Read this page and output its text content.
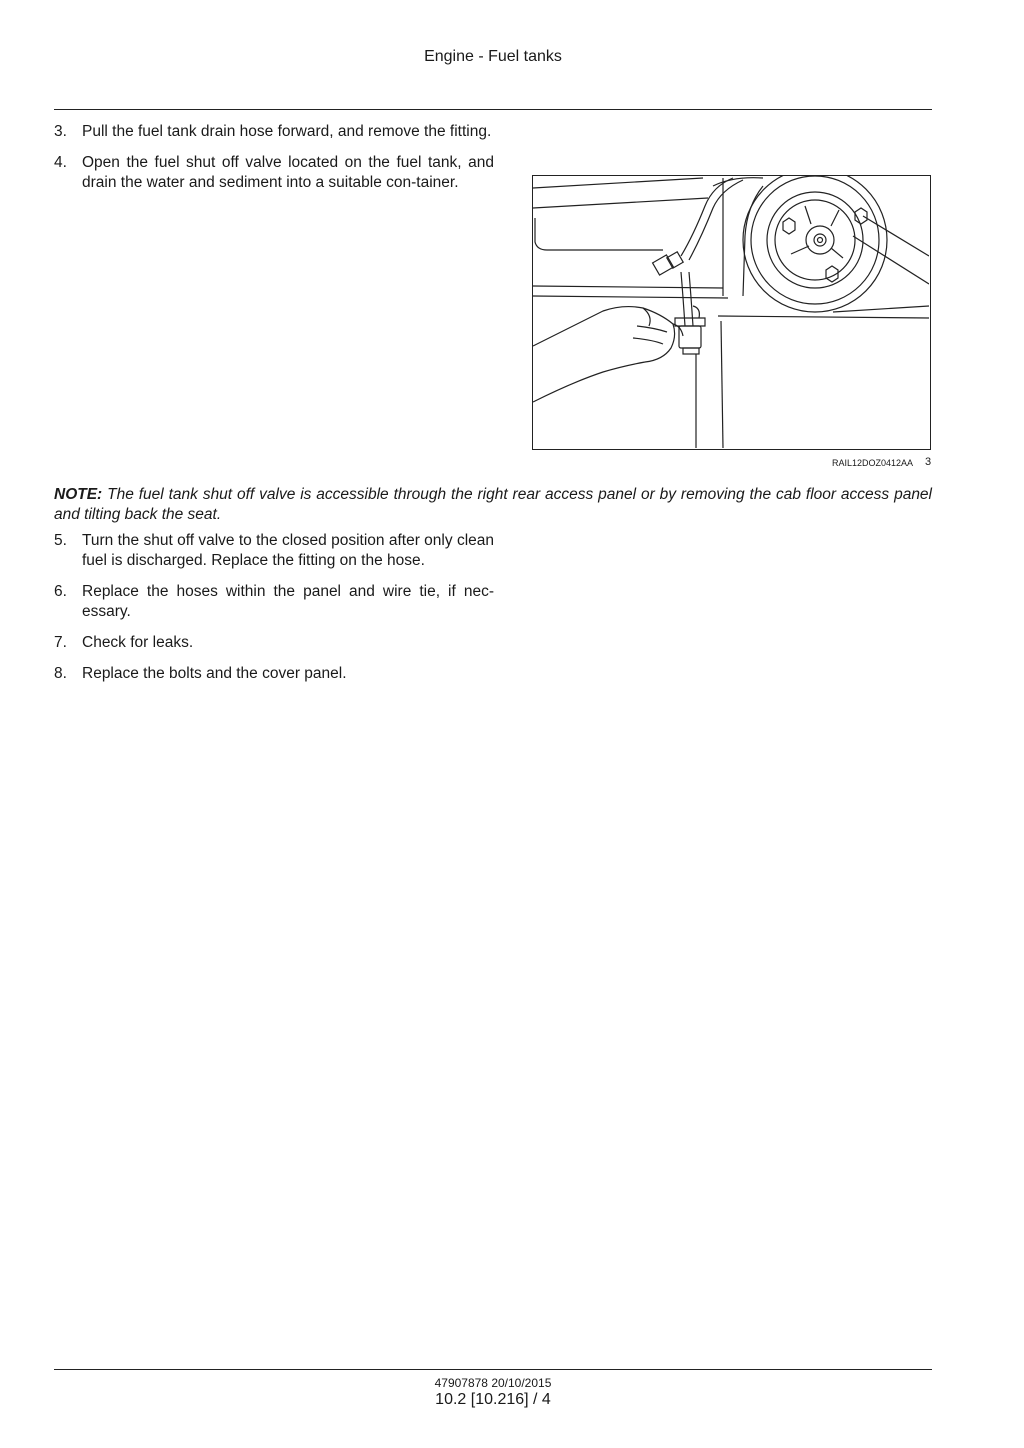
Engine - Fuel tanks
3. Pull the fuel tank drain hose forward, and remove the fitting.
4. Open the fuel shut off valve located on the fuel tank, and drain the water and sediment into a suitable con-tainer.
RAIL12DOZ0412AA 3
NOTE: The fuel tank shut off valve is accessible through the right rear access panel or by removing the cab floor access panel and tilting back the seat.
5. Turn the shut off valve to the closed position after only clean fuel is discharged. Replace the fitting on the hose.
6. Replace the hoses within the panel and wire tie, if nec-essary.
7. Check for leaks.
8. Replace the bolts and the cover panel.
47907878 20/10/2015
10.2 [10.216] / 4
